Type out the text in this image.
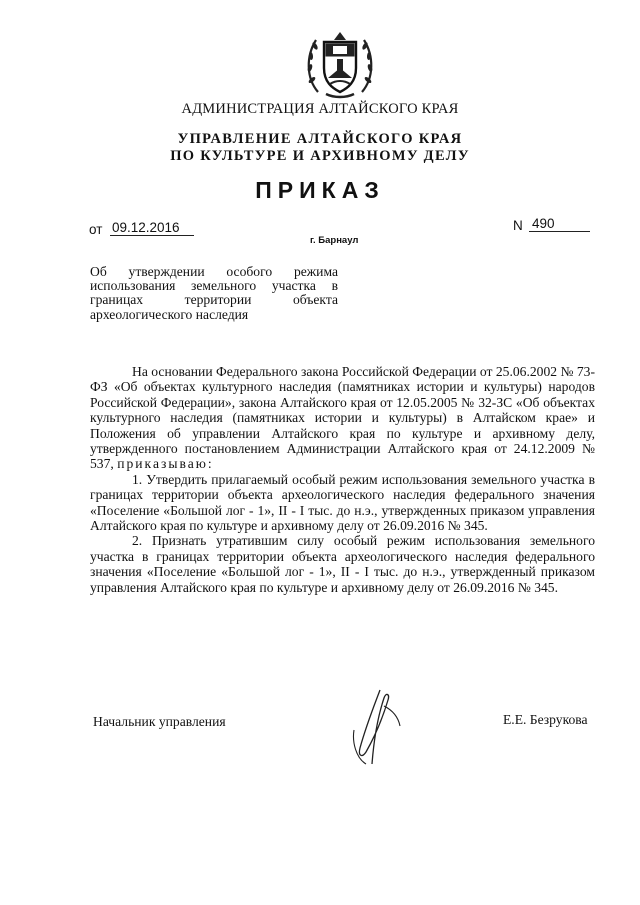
АДМИНИСТРАЦИЯ АЛТАЙСКОГО КРАЯ
УПРАВЛЕНИЕ АЛТАЙСКОГО КРАЯ
ПО КУЛЬТУРЕ И АРХИВНОМУ ДЕЛУ
ПРИКАЗ
от 09.12.2016
г. Барнаул
N 490
Об утверждении особого режима использования земельного участка в границах территории объекта археологического наследия

На основании Федерального закона Российской Федерации от 25.06.2002 № 73-ФЗ «Об объектах культурного наследия (памятниках истории и культуры) народов Российской Федерации», закона Алтайского края от 12.05.2005 № 32-ЗС «Об объектах культурного наследия (памятниках истории и культуры) в Алтайском крае» и Положения об управлении Алтайского края по культуре и архивному делу, утвержденного постановлением Администрации Алтайского края от 24.12.2009 № 537, приказываю:

1. Утвердить прилагаемый особый режим использования земельного участка в границах территории объекта археологического наследия федерального значения «Поселение «Большой лог - 1», II - I тыс. до н.э., утвержденных приказом управления Алтайского края по культуре и архивному делу от 26.09.2016 № 345.

2. Признать утратившим силу особый режим использования земельного участка в границах территории объекта археологического наследия федерального значения «Поселение «Большой лог - 1», II - I тыс. до н.э., утвержденный приказом управления Алтайского края по культуре и архивному делу от 26.09.2016 № 345.

Начальник управления	Е.Е. Безрукова
